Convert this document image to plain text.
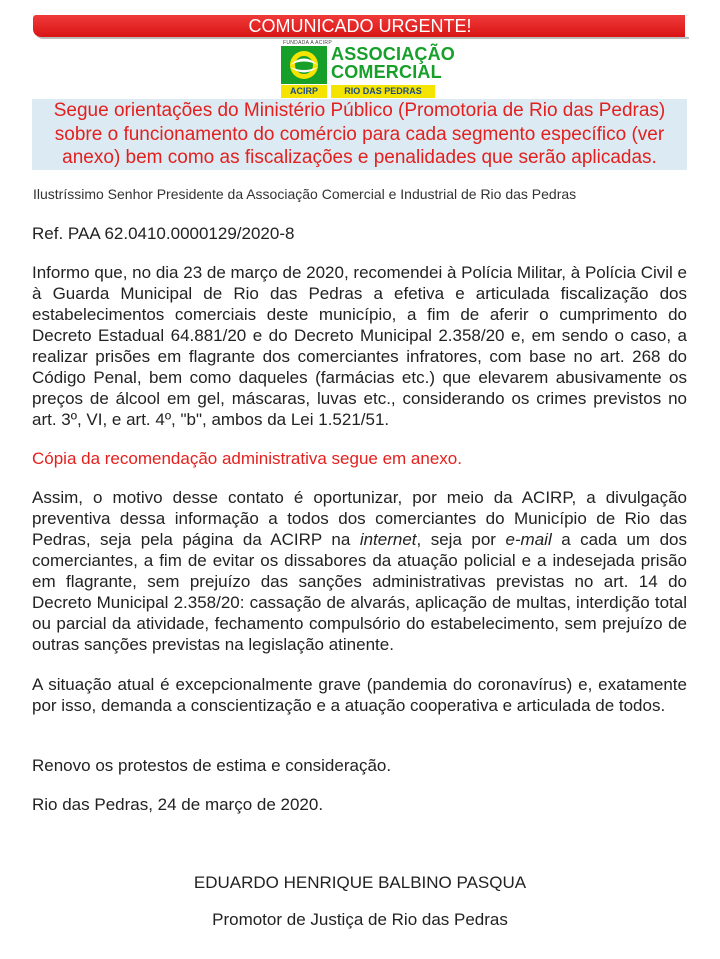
COMUNICADO URGENTE!
FUNDADA A ACIRP
ASSOCIAÇÃO
COMERCIAL
ACIRP	RIO DAS PEDRAS
Segue orientações do Ministério Público (Promotoria de Rio das Pedras) sobre o funcionamento do comércio para cada segmento específico (ver anexo) bem como as fiscalizações e penalidades que serão aplicadas.
Ilustríssimo Senhor Presidente da Associação Comercial e Industrial de Rio das Pedras
Ref. PAA 62.0410.0000129/2020-8
Informo que, no dia 23 de março de 2020, recomendei à Polícia Militar, à Polícia Civil e à Guarda Municipal de Rio das Pedras a efetiva e articulada fiscalização dos estabelecimentos comerciais deste município, a fim de aferir o cumprimento do Decreto Estadual 64.881/20 e do Decreto Municipal 2.358/20 e, em sendo o caso, a realizar prisões em flagrante dos comerciantes infratores, com base no art. 268 do Código Penal, bem como daqueles (farmácias etc.) que elevarem abusivamente os preços de álcool em gel, máscaras, luvas etc., considerando os crimes previstos no art. 3º, VI, e art. 4º, "b", ambos da Lei 1.521/51.
Cópia da recomendação administrativa segue em anexo.
Assim, o motivo desse contato é oportunizar, por meio da ACIRP, a divulgação preventiva dessa informação a todos dos comerciantes do Município de Rio das Pedras, seja pela página da ACIRP na internet, seja por e-mail a cada um dos comerciantes, a fim de evitar os dissabores da atuação policial e a indesejada prisão em flagrante, sem prejuízo das sanções administrativas previstas no art. 14 do Decreto Municipal 2.358/20: cassação de alvarás, aplicação de multas, interdição total ou parcial da atividade, fechamento compulsório do estabelecimento, sem prejuízo de outras sanções previstas na legislação atinente.
A situação atual é excepcionalmente grave (pandemia do coronavírus) e, exatamente por isso, demanda a conscientização e a atuação cooperativa e articulada de todos.
Renovo os protestos de estima e consideração.
Rio das Pedras, 24 de março de 2020.
EDUARDO HENRIQUE BALBINO PASQUA
Promotor de Justiça de Rio das Pedras
